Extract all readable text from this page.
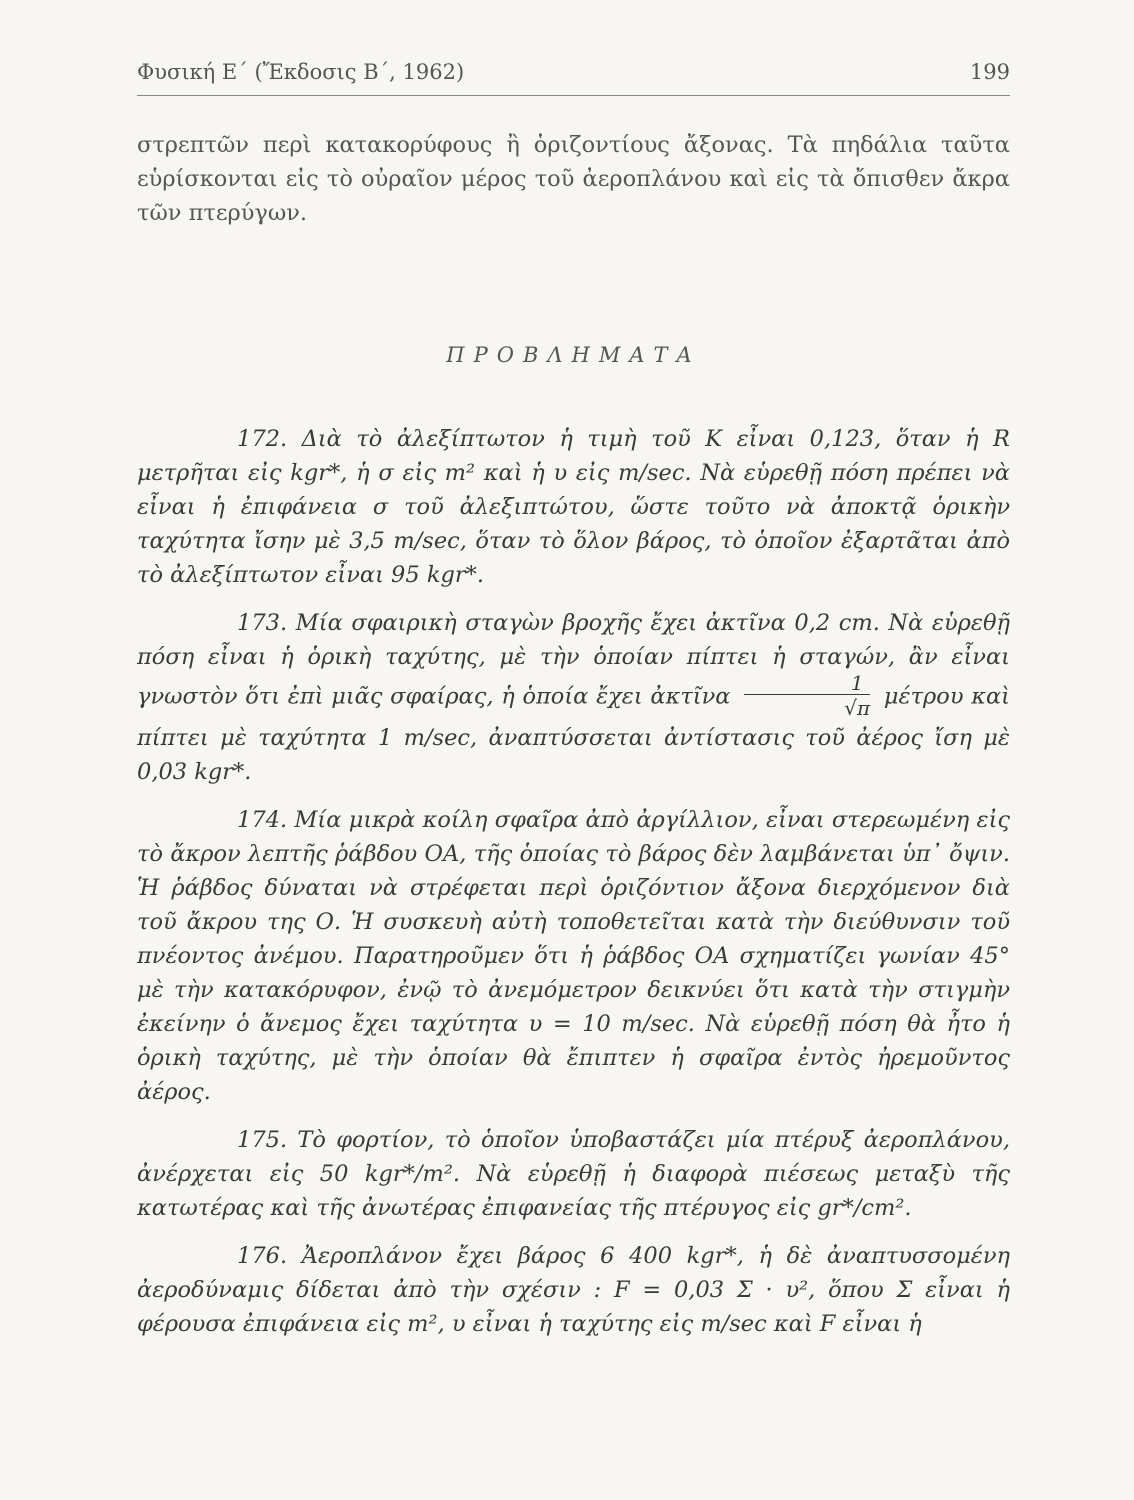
Φυσική Ε΄ (Ἔκδοσις Β΄, 1962)	199

στρεπτῶν περὶ κατακορύφους ἢ ὁριζοντίους ἄξονας. Τὰ πηδάλια ταῦτα εὑρίσκονται εἰς τὸ οὐραῖον μέρος τοῦ ἀεροπλάνου καὶ εἰς τὰ ὄπισθεν ἄκρα τῶν πτερύγων.

ΠΡΟΒΛΗΜΑΤΑ

172. Διὰ τὸ ἀλεξίπτωτον ἡ τιμὴ τοῦ K εἶναι 0,123, ὅταν ἡ R μετρῆται εἰς kgr*, ἡ σ εἰς m² καὶ ἡ υ εἰς m/sec. Νὰ εὑρεθῇ πόση πρέπει νὰ εἶναι ἡ ἐπιφάνεια σ τοῦ ἀλεξιπτώτου, ὥστε τοῦτο νὰ ἀποκτᾷ ὁρικὴν ταχύτητα ἴσην μὲ 3,5 m/sec, ὅταν τὸ ὅλον βάρος, τὸ ὁποῖον ἐξαρτᾶται ἀπὸ τὸ ἀλεξίπτωτον εἶναι 95 kgr*.

173. Μία σφαιρικὴ σταγὼν βροχῆς ἔχει ἀκτῖνα 0,2 cm. Νὰ εὑρεθῇ πόση εἶναι ἡ ὁρικὴ ταχύτης, μὲ τὴν ὁποίαν πίπτει ἡ σταγών, ἂν εἶναι γνωστὸν ὅτι ἐπὶ μιᾶς σφαίρας, ἡ ὁποία ἔχει ἀκτῖνα $\frac{1}{√\pi}$ μέτρου καὶ πίπτει μὲ ταχύτητα 1 m/sec, ἀναπτύσσεται ἀντίστασις τοῦ ἀέρος ἴση μὲ 0,03 kgr*.

174. Μία μικρὰ κοίλη σφαῖρα ἀπὸ ἀργίλλιον, εἶναι στερεωμένη εἰς τὸ ἄκρον λεπτῆς ῥάβδου ΟΑ, τῆς ὁποίας τὸ βάρος δὲν λαμβάνεται ὑπ᾽ ὄψιν. Ἡ ῥάβδος δύναται νὰ στρέφεται περὶ ὁριζόντιον ἄξονα διερχόμενον διὰ τοῦ ἄκρου της Ο. Ἡ συσκευὴ αὐτὴ τοποθετεῖται κατὰ τὴν διεύθυνσιν τοῦ πνέοντος ἀνέμου. Παρατηροῦμεν ὅτι ἡ ῥάβδος ΟΑ σχηματίζει γωνίαν 45° μὲ τὴν κατακόρυφον, ἐνῷ τὸ ἀνεμόμετρον δεικνύει ὅτι κατὰ τὴν στιγμὴν ἐκείνην ὁ ἄνεμος ἔχει ταχύτητα υ = 10 m/sec. Νὰ εὑρεθῇ πόση θὰ ἦτο ἡ ὁρικὴ ταχύτης, μὲ τὴν ὁποίαν θὰ ἔπιπτεν ἡ σφαῖρα ἐντὸς ἠρεμοῦντος ἀέρος.

175. Τὸ φορτίον, τὸ ὁποῖον ὑποβαστάζει μία πτέρυξ ἀεροπλάνου, ἀνέρχεται εἰς 50 kgr*/m². Νὰ εὑρεθῇ ἡ διαφορὰ πιέσεως μεταξὺ τῆς κατωτέρας καὶ τῆς ἀνωτέρας ἐπιφανείας τῆς πτέρυγος εἰς gr*/cm².

176. Ἀεροπλάνον ἔχει βάρος 6 400 kgr*, ἡ δὲ ἀναπτυσσομένη ἀεροδύναμις δίδεται ἀπὸ τὴν σχέσιν : F = 0,03 Σ · υ², ὅπου Σ εἶναι ἡ φέρουσα ἐπιφάνεια εἰς m², υ εἶναι ἡ ταχύτης εἰς m/sec καὶ F εἶναι ἡ
